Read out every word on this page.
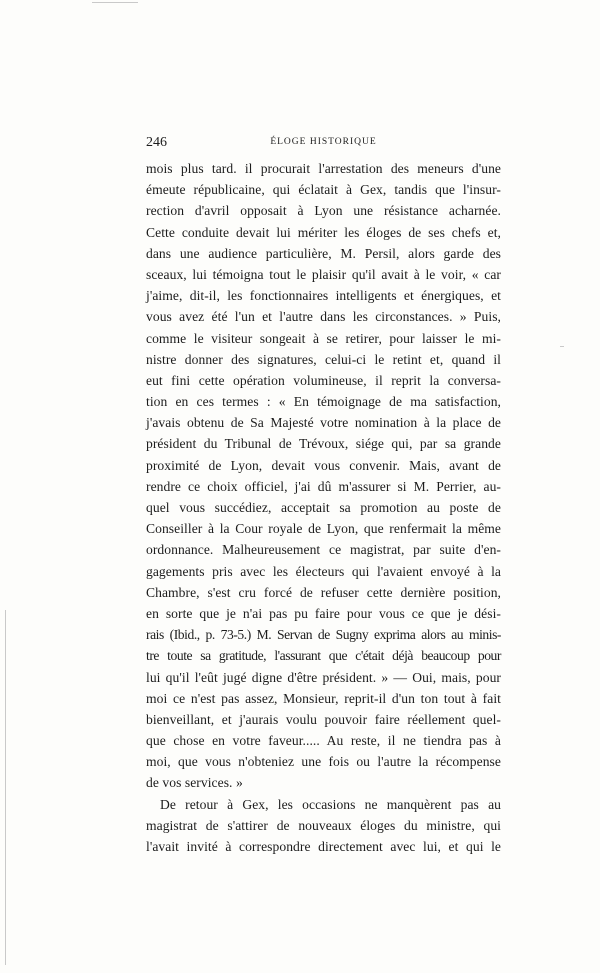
246	ÉLOGE HISTORIQUE
mois plus tard. il procurait l'arrestation des meneurs d'une
émeute républicaine, qui éclatait à Gex, tandis que l'insur-
rection d'avril opposait à Lyon une résistance acharnée.
Cette conduite devait lui mériter les éloges de ses chefs et,
dans une audience particulière, M. Persil, alors garde des
sceaux, lui témoigna tout le plaisir qu'il avait à le voir, « car
j'aime, dit-il, les fonctionnaires intelligents et énergiques, et
vous avez été l'un et l'autre dans les circonstances. » Puis,
comme le visiteur songeait à se retirer, pour laisser le mi-
nistre donner des signatures, celui-ci le retint et, quand il
eut fini cette opération volumineuse, il reprit la conversa-
tion en ces termes : « En témoignage de ma satisfaction,
j'avais obtenu de Sa Majesté votre nomination à la place de
président du Tribunal de Trévoux, siége qui, par sa grande
proximité de Lyon, devait vous convenir. Mais, avant de
rendre ce choix officiel, j'ai dû m'assurer si M. Perrier, au-
quel vous succédiez, acceptait sa promotion au poste de
Conseiller à la Cour royale de Lyon, que renfermait la même
ordonnance. Malheureusement ce magistrat, par suite d'en-
gagements pris avec les électeurs qui l'avaient envoyé à la
Chambre, s'est cru forcé de refuser cette dernière position,
en sorte que je n'ai pas pu faire pour vous ce que je dési-
rais (Ibid., p. 73-5.) M. Servan de Sugny exprima alors au minis-
tre toute sa gratitude, l'assurant que c'était déjà beaucoup pour
lui qu'il l'eût jugé digne d'être président. » — Oui, mais, pour
moi ce n'est pas assez, Monsieur, reprit-il d'un ton tout à fait
bienveillant, et j'aurais voulu pouvoir faire réellement quel-
que chose en votre faveur..... Au reste, il ne tiendra pas à
moi, que vous n'obteniez une fois ou l'autre la récompense
de vos services. »
De retour à Gex, les occasions ne manquèrent pas au
magistrat de s'attirer de nouveaux éloges du ministre, qui
l'avait invité à correspondre directement avec lui, et qui le
